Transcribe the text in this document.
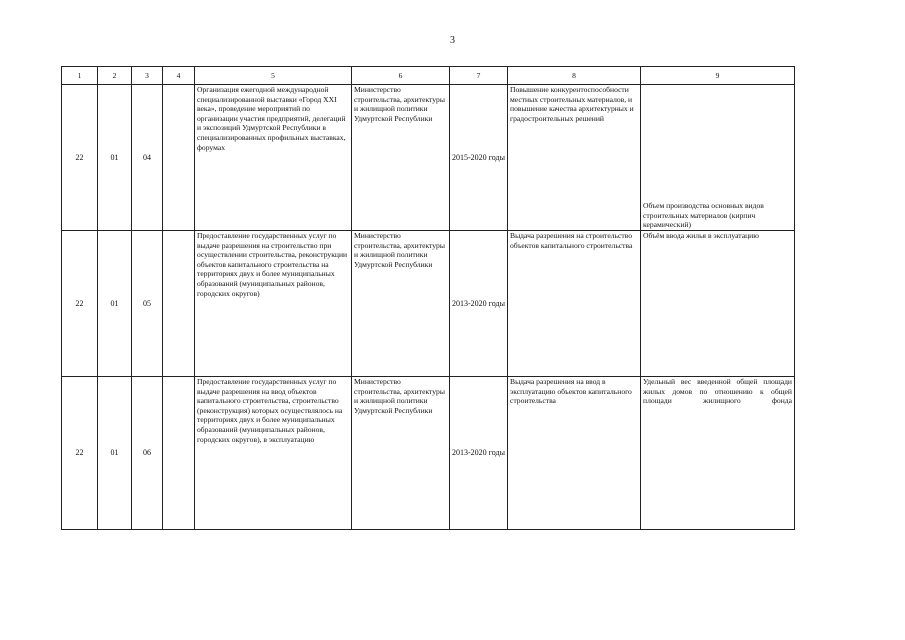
3
1	2	3	4	5	6	7	8	9
22	01	04		Организация ежегодной международной специализированной выставки «Город XXI века», проведение мероприятий по организации участия предприятий, делегаций и экспозиций Удмуртской Республики в специализированных профильных выставках, форумах	Министерство строительства, архитектуры и жилищной политики Удмуртской Республики	2015-2020 годы	Повышение конкурентоспособности местных строительных материалов, и повышение качества архитектурных и градостроительных решений	Объем производства основных видов строительных материалов (кирпич керамический)
22	01	05		Предоставление государственных услуг по выдаче разрешения на строительство при осуществлении строительства, реконструкции объектов капитального строительства на территориях двух и более муниципальных образований (муниципальных районов, городских округов)	Министерство строительства, архитектуры и жилищной политики Удмуртской Республики	2013-2020 годы	Выдача разрешения на строительство объектов капитального строительства	Объём ввода жилья в эксплуатацию
22	01	06		Предоставление государственных услуг по выдаче разрешения на ввод объектов капитального строительства, строительство (реконструкция) которых осуществлялось на территориях двух и более муниципальных образований (муниципальных районов, городских округов), в эксплуатацию	Министерство строительства, архитектуры и жилищной политики Удмуртской Республики	2013-2020 годы	Выдача разрешения на ввод в эксплуатацию объектов капитального строительства	Удельный вес введенной общей площади жилых домов по отношению к общей площади жилищного фонда
